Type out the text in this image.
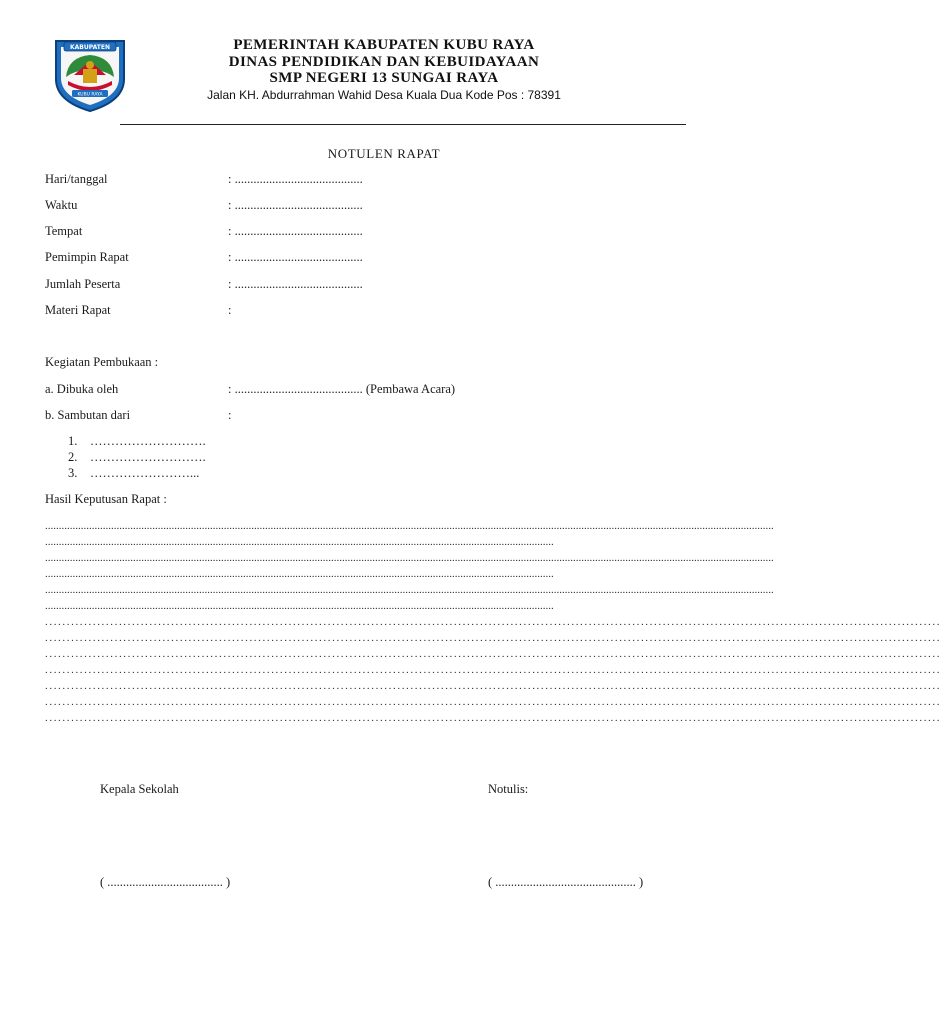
KABUPATEN
KUBU RAYA
PEMERINTAH KABUPATEN KUBU RAYA
DINAS PENDIDIKAN DAN KEBUIDAYAAN
SMP NEGERI 13 SUNGAI RAYA
Jalan KH. Abdurrahman Wahid Desa Kuala Dua Kode Pos : 78391
NOTULEN RAPAT
Hari/tanggal	: .........................................
Waktu	: .........................................
Tempat	: .........................................
Pemimpin Rapat	: .........................................
Jumlah Peserta	: .........................................
Materi Rapat	:
Kegiatan Pembukaan :
a. Dibuka oleh	: ......................................... (Pembawa Acara)
b. Sambutan dari	:
1. ……………………….
2. ……………………….
3. ……………………...
Hasil Keputusan Rapat :
.........................................................................................................................................................................................................................................................................
.........................................................................................................................................................................................
.........................................................................................................................................................................................................................................................................
.........................................................................................................................................................................................
.........................................................................................................................................................................................................................................................................
.........................................................................................................................................................................................
..............................................................................................................................................................................................................
..............................................................................................................................................................................................................
..............................................................................................................................................................................................................
..............................................................................................................................................................................................................
..............................................................................................................................................................................................................
..............................................................................................................................................................................................................
..............................................................................................................................................................................................................
Kepala Sekolah	Notulis:
( ..................................... )	( ............................................. )
